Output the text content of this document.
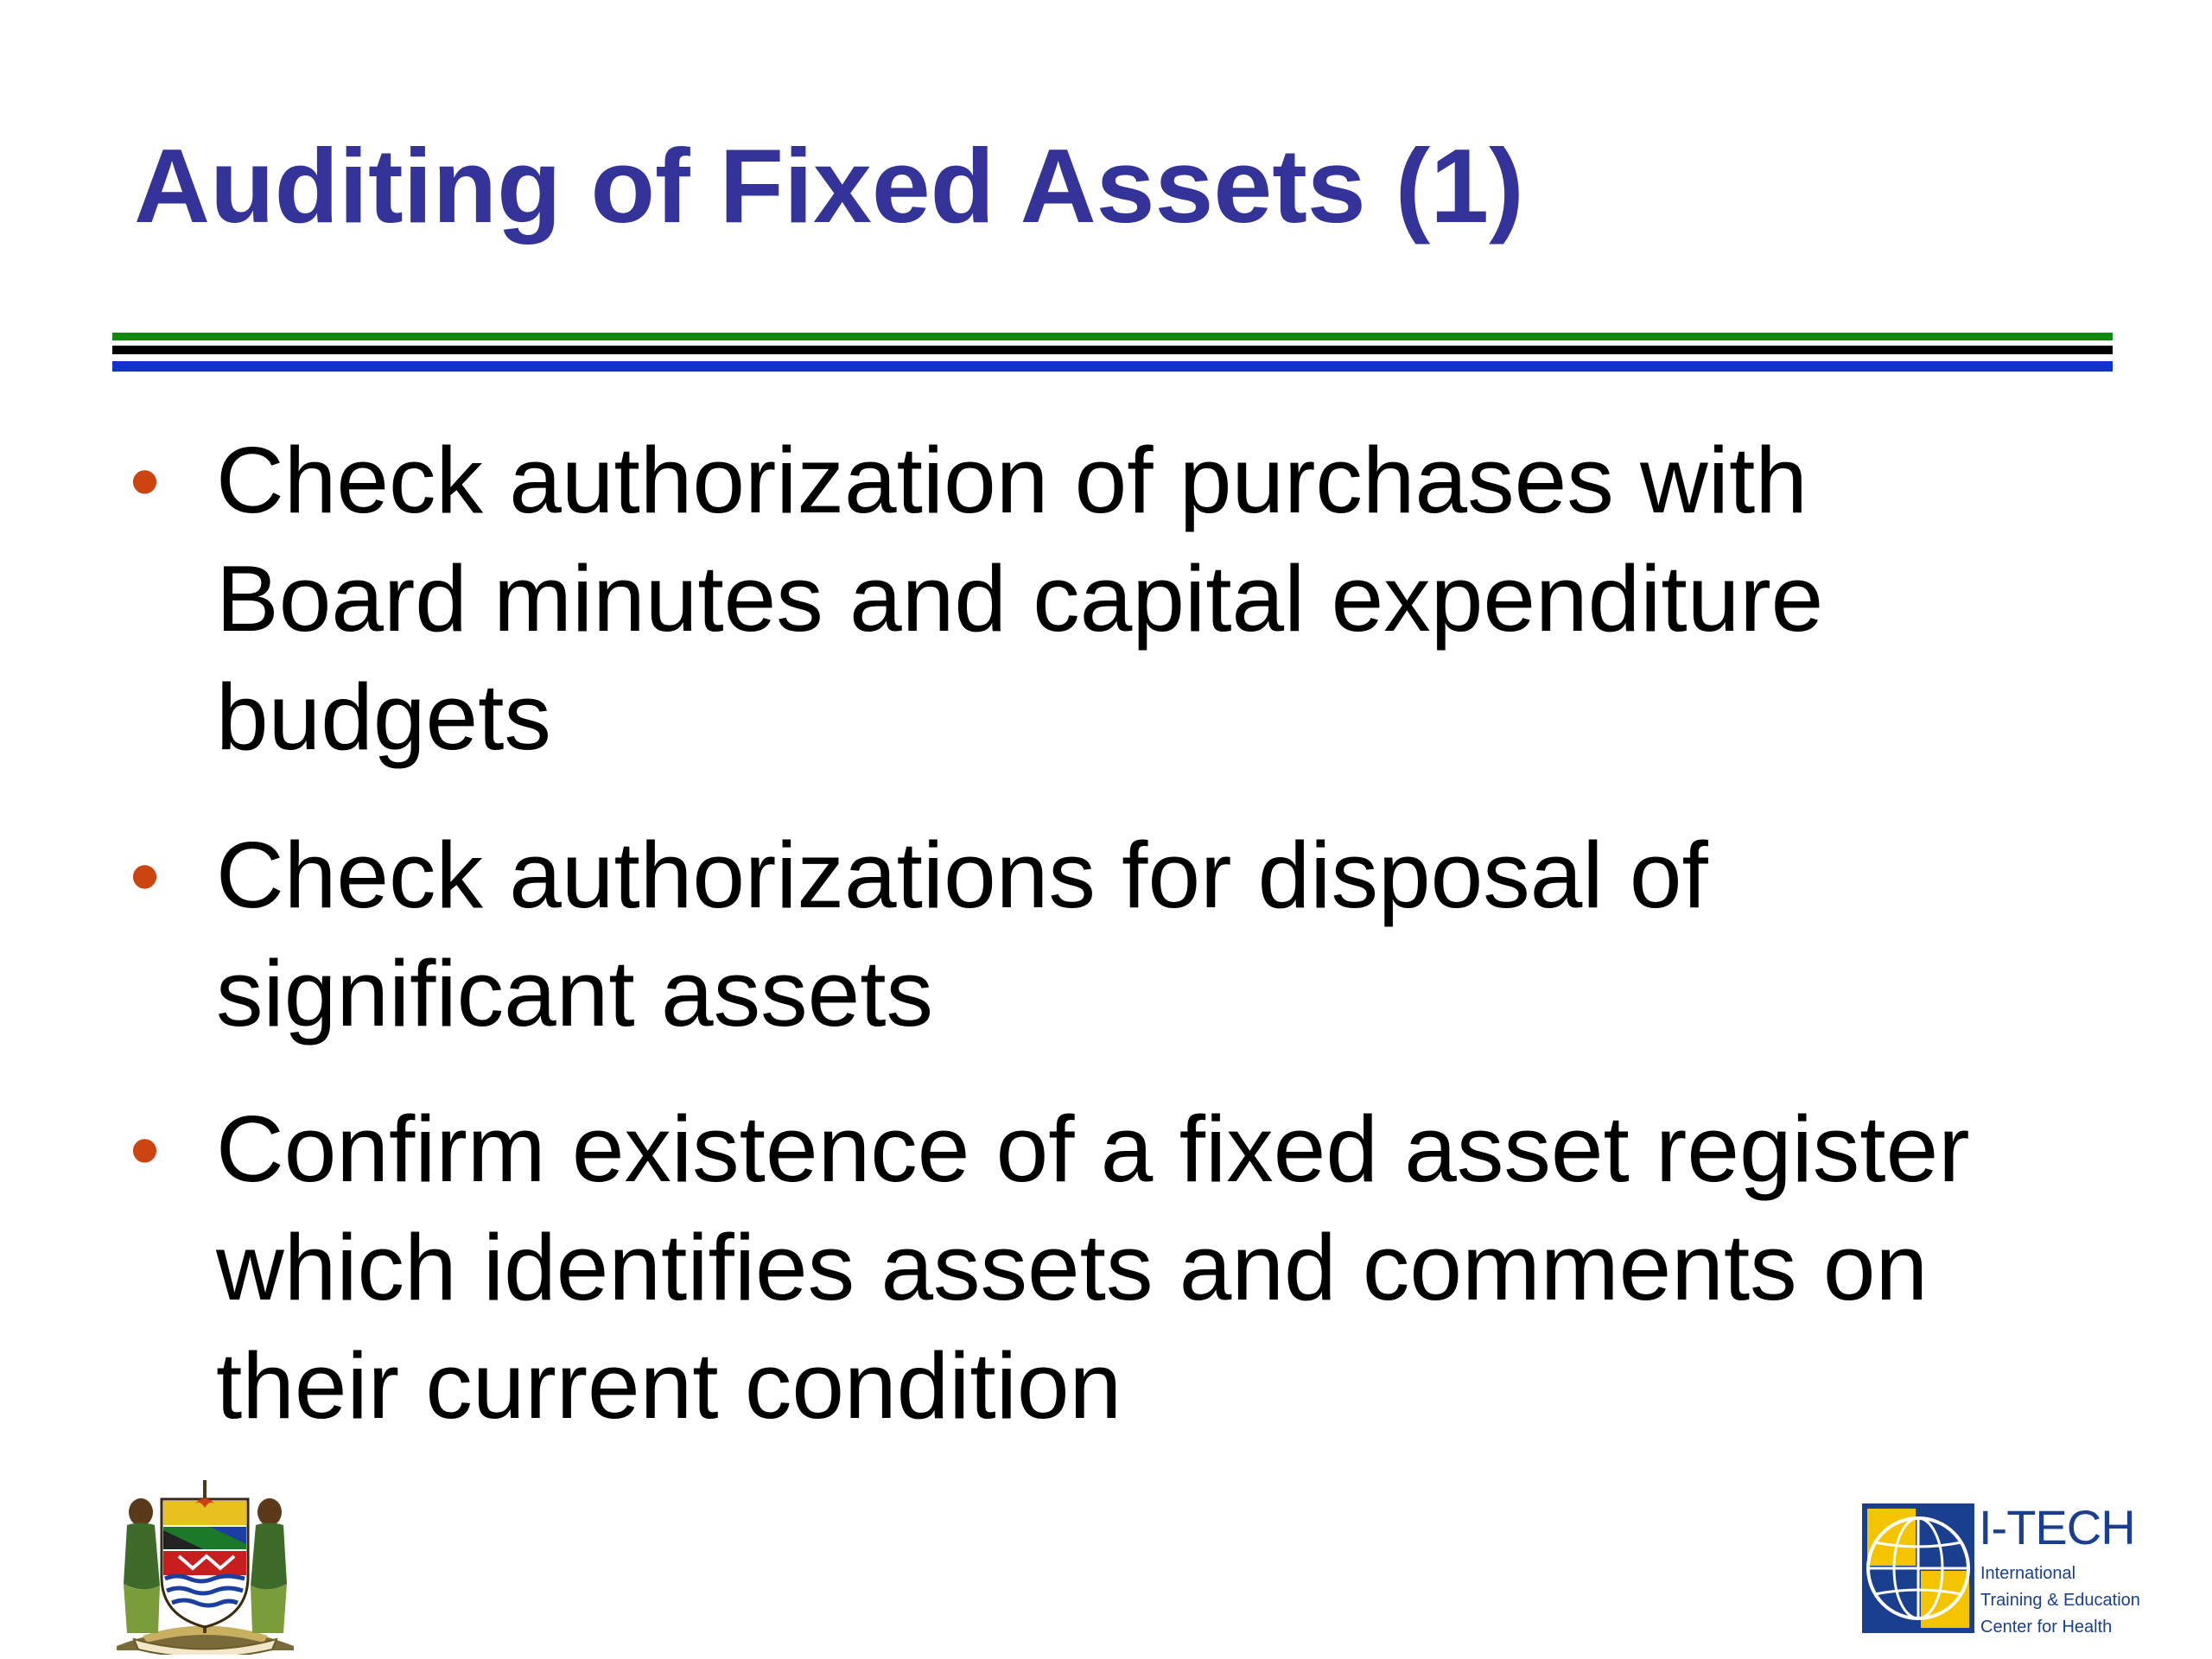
Auditing of Fixed Assets (1)
• Check authorization of purchases with
Board minutes and capital expenditure
budgets
• Check authorizations for disposal of
significant assets
• Confirm existence of a fixed asset register
which identifies assets and comments on
their current condition
I-TECH
International
Training & Education
Center for Health
